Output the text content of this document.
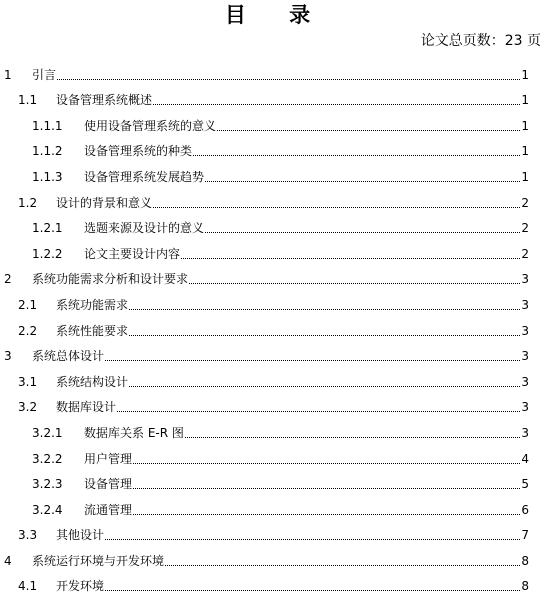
目 录
论文总页数：23 页
1	引言	1
1.1	设备管理系统概述	1
1.1.1	使用设备管理系统的意义	1
1.1.2	设备管理系统的种类	1
1.1.3	设备管理系统发展趋势	1
1.2	设计的背景和意义	2
1.2.1	选题来源及设计的意义	2
1.2.2	论文主要设计内容	2
2	系统功能需求分析和设计要求	3
2.1	系统功能需求	3
2.2	系统性能要求	3
3	系统总体设计	3
3.1	系统结构设计	3
3.2	数据库设计	3
3.2.1	数据库关系 E-R 图	3
3.2.2	用户管理	4
3.2.3	设备管理	5
3.2.4	流通管理	6
3.3	其他设计	7
4	系统运行环境与开发环境	8
4.1	开发环境	8
